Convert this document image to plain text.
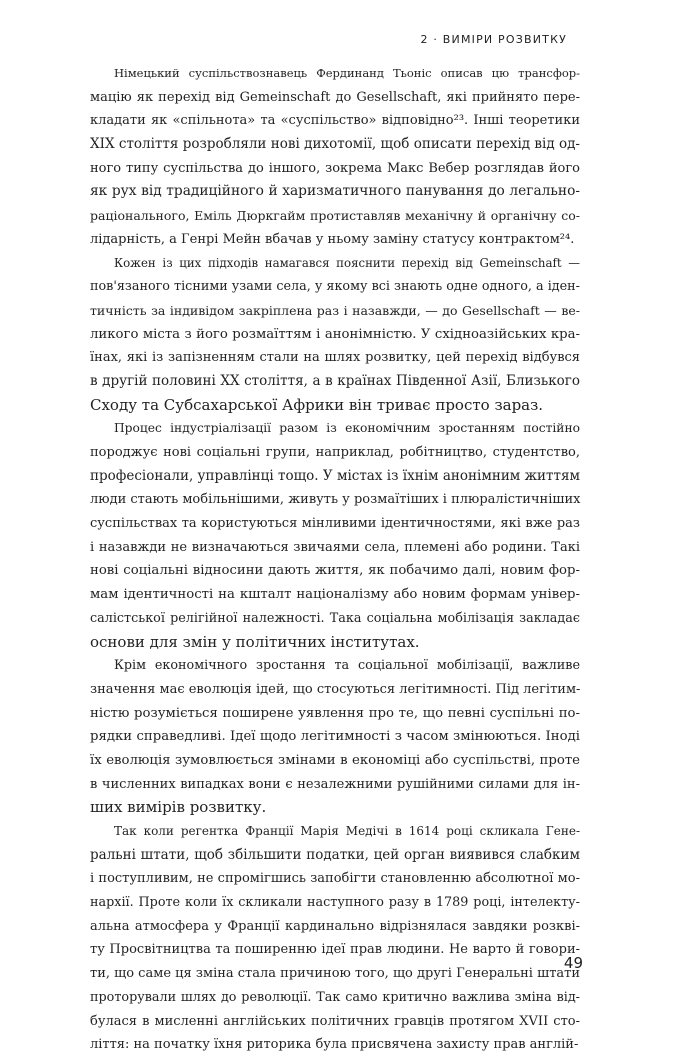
2 · ВИМІРИ РОЗВИТКУ
Німецький суспільствознавець Фердинанд Тьоніс описав цю трансфор-
мацію як перехід від Gemeinschaft до Gesellschaft, які прийнято пере-
кладати як «спільнота» та «суспільство» відповідно²³. Інші теоретики
ХІХ століття розробляли нові дихотомії, щоб описати перехід від од-
ного типу суспільства до іншого, зокрема Макс Вебер розглядав його
як рух від традиційного й харизматичного панування до легально-
раціонального, Еміль Дюркгайм протиставляв механічну й органічну со-
лідарність, а Генрі Мейн вбачав у ньому заміну статусу контрактом²⁴.
Кожен із цих підходів намагався пояснити перехід від Gemeinschaft —
пов'язаного тісними узами села, у якому всі знають одне одного, а іден-
тичність за індивідом закріплена раз і назавжди, — до Gesellschaft — ве-
ликого міста з його розмаїттям і анонімністю. У східноазійських кра-
їнах, які із запізненням стали на шлях розвитку, цей перехід відбувся
в другій половині ХХ століття, а в країнах Південної Азії, Близького
Сходу та Субсахарської Африки він триває просто зараз.
Процес індустріалізації разом із економічним зростанням постійно
породжує нові соціальні групи, наприклад, робітництво, студентство,
професіонали, управлінці тощо. У містах із їхнім анонімним життям
люди стають мобільнішими, живуть у розмаїтіших і плюралістичніших
суспільствах та користуються мінливими ідентичностями, які вже раз
і назавжди не визначаються звичаями села, племені або родини. Такі
нові соціальні відносини дають життя, як побачимо далі, новим фор-
мам ідентичності на кшталт націоналізму або новим формам універ-
салістської релігійної належності. Така соціальна мобілізація закладає
основи для змін у політичних інститутах.
Крім економічного зростання та соціальної мобілізації, важливе
значення має еволюція ідей, що стосуються легітимності. Під легітим-
ністю розуміється поширене уявлення про те, що певні суспільні по-
рядки справедливі. Ідеї щодо легітимності з часом змінюються. Іноді
їх еволюція зумовлюється змінами в економіці або суспільстві, проте
в численних випадках вони є незалежними рушійними силами для ін-
ших вимірів розвитку.
Так коли регентка Франції Марія Медічі в 1614 році скликала Гене-
ральні штати, щоб збільшити податки, цей орган виявився слабким
і поступливим, не спромігшись запобігти становленню абсолютної мо-
нархії. Проте коли їх скликали наступного разу в 1789 році, інтелекту-
альна атмосфера у Франції кардинально відрізнялася завдяки розкві-
ту Просвітництва та поширенню ідеї прав людини. Не варто й говори-
ти, що саме ця зміна стала причиною того, що другі Генеральні штати
проторували шлях до революції. Так само критично важлива зміна від-
булася в мисленні англійських політичних гравців протягом XVII сто-
ліття: на початку їхня риторика була присвячена захисту прав англій-
49
